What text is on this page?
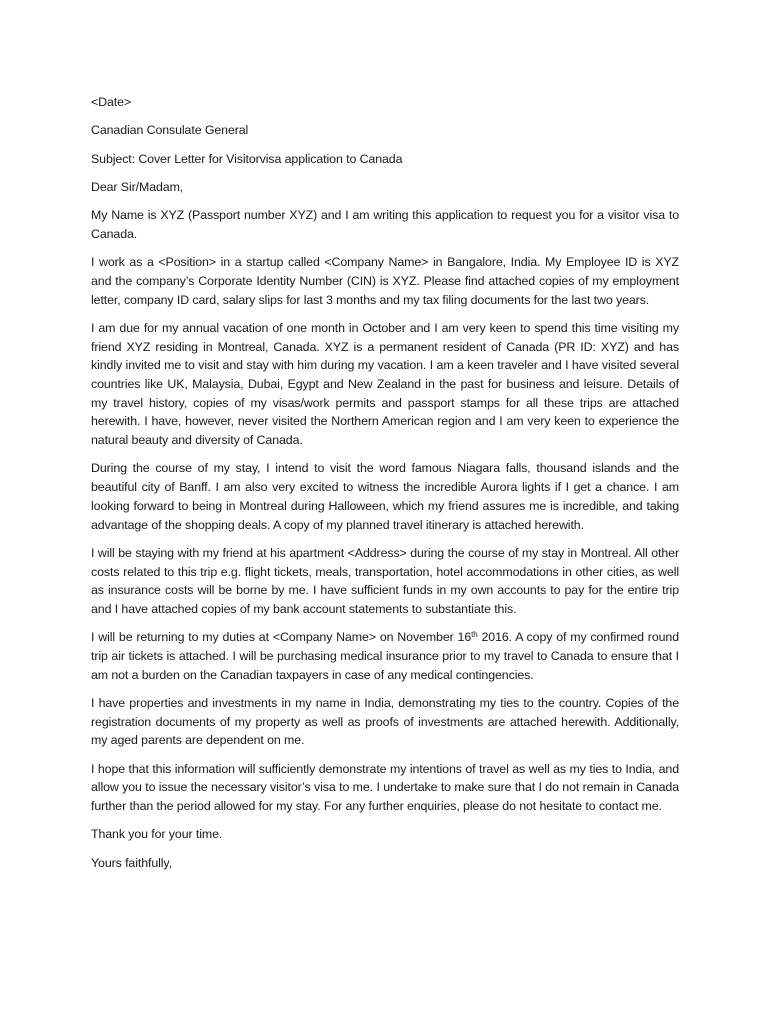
<Date>

Canadian Consulate General

Subject: Cover Letter for Visitorvisa application to Canada

Dear Sir/Madam,

My Name is XYZ (Passport number XYZ) and I am writing this application to request you for a visitor visa to Canada.

I work as a <Position> in a startup called <Company Name> in Bangalore, India. My Employee ID is XYZ and the company’s Corporate Identity Number (CIN) is XYZ. Please find attached copies of my employment letter, company ID card, salary slips for last 3 months and my tax filing documents for the last two years.

I am due for my annual vacation of one month in October and I am very keen to spend this time visiting my friend XYZ residing in Montreal, Canada. XYZ is a permanent resident of Canada (PR ID: XYZ) and has kindly invited me to visit and stay with him during my vacation. I am a keen traveler and I have visited several countries like UK, Malaysia, Dubai, Egypt and New Zealand in the past for business and leisure. Details of my travel history, copies of my visas/work permits and passport stamps for all these trips are attached herewith. I have, however, never visited the Northern American region and I am very keen to experience the natural beauty and diversity of Canada.

During the course of my stay, I intend to visit the word famous Niagara falls, thousand islands and the beautiful city of Banff. I am also very excited to witness the incredible Aurora lights if I get a chance. I am looking forward to being in Montreal during Halloween, which my friend assures me is incredible, and taking advantage of the shopping deals. A copy of my planned travel itinerary is attached herewith.

I will be staying with my friend at his apartment <Address> during the course of my stay in Montreal. All other costs related to this trip e.g. flight tickets, meals, transportation, hotel accommodations in other cities, as well as insurance costs will be borne by me. I have sufficient funds in my own accounts to pay for the entire trip and I have attached copies of my bank account statements to substantiate this.

I will be returning to my duties at <Company Name> on November 16th 2016. A copy of my confirmed round trip air tickets is attached. I will be purchasing medical insurance prior to my travel to Canada to ensure that I am not a burden on the Canadian taxpayers in case of any medical contingencies.

I have properties and investments in my name in India, demonstrating my ties to the country. Copies of the registration documents of my property as well as proofs of investments are attached herewith. Additionally, my aged parents are dependent on me.

I hope that this information will sufficiently demonstrate my intentions of travel as well as my ties to India, and allow you to issue the necessary visitor’s visa to me. I undertake to make sure that I do not remain in Canada further than the period allowed for my stay. For any further enquiries, please do not hesitate to contact me.

Thank you for your time.

Yours faithfully,
